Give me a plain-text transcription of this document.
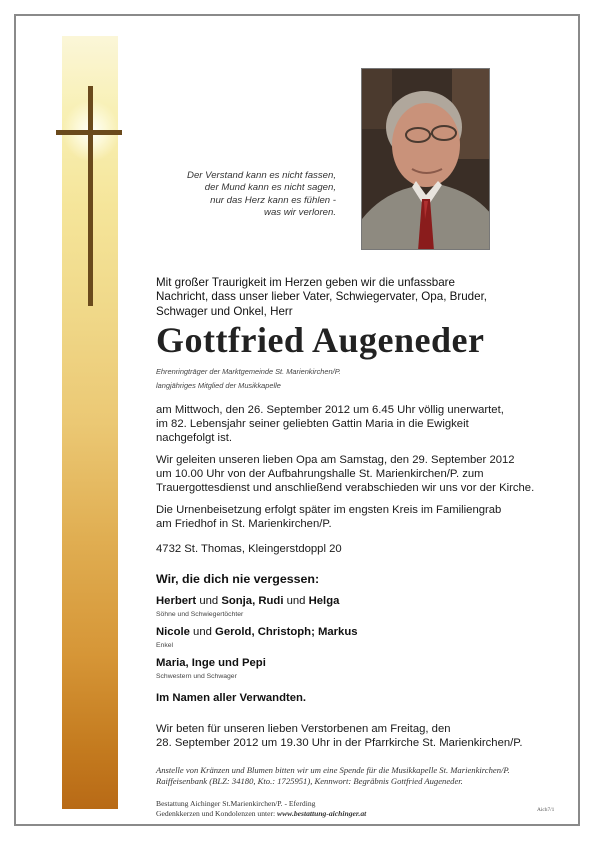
Der Verstand kann es nicht fassen,
der Mund kann es nicht sagen,
nur das Herz kann es fühlen -
was wir verloren.
Mit großer Traurigkeit im Herzen geben wir die unfassbare
Nachricht, dass unser lieber Vater, Schwiegervater, Opa, Bruder,
Schwager und Onkel, Herr
Gottfried Augeneder
Ehrenringträger der Marktgemeinde St. Marienkirchen/P.
langjähriges Mitglied der Musikkapelle
am Mittwoch, den 26. September 2012 um 6.45 Uhr völlig unerwartet,
im 82. Lebensjahr seiner geliebten Gattin Maria in die Ewigkeit
nachgefolgt ist.
Wir geleiten unseren lieben Opa am Samstag, den 29. September 2012
um 10.00 Uhr von der Aufbahrungshalle St. Marienkirchen/P. zum
Trauergottesdienst und anschließend verabschieden wir uns vor der Kirche.
Die Urnenbeisetzung erfolgt später im engsten Kreis im Familiengrab
am Friedhof in St. Marienkirchen/P.
4732 St. Thomas, Kleingerstdoppl 20
Wir, die dich nie vergessen:
Herbert und Sonja, Rudi und Helga
Söhne und Schwiegertöchter
Nicole und Gerold, Christoph; Markus
Enkel
Maria, Inge und Pepi
Schwestern und Schwager
Im Namen aller Verwandten.
Wir beten für unseren lieben Verstorbenen am Freitag, den
28. September 2012 um 19.30 Uhr in der Pfarrkirche St. Marienkirchen/P.
Anstelle von Kränzen und Blumen bitten wir um eine Spende für die Musikkapelle St. Marienkirchen/P.
Raiffeisenbank (BLZ: 34180, Kto.: 1725951), Kennwort: Begräbnis Gottfried Augeneder.
Bestattung Aichinger St.Marienkirchen/P. - Eferding
Gedenkkerzen und Kondolenzen unter: www.bestattung-aichinger.at	Aich7/1
